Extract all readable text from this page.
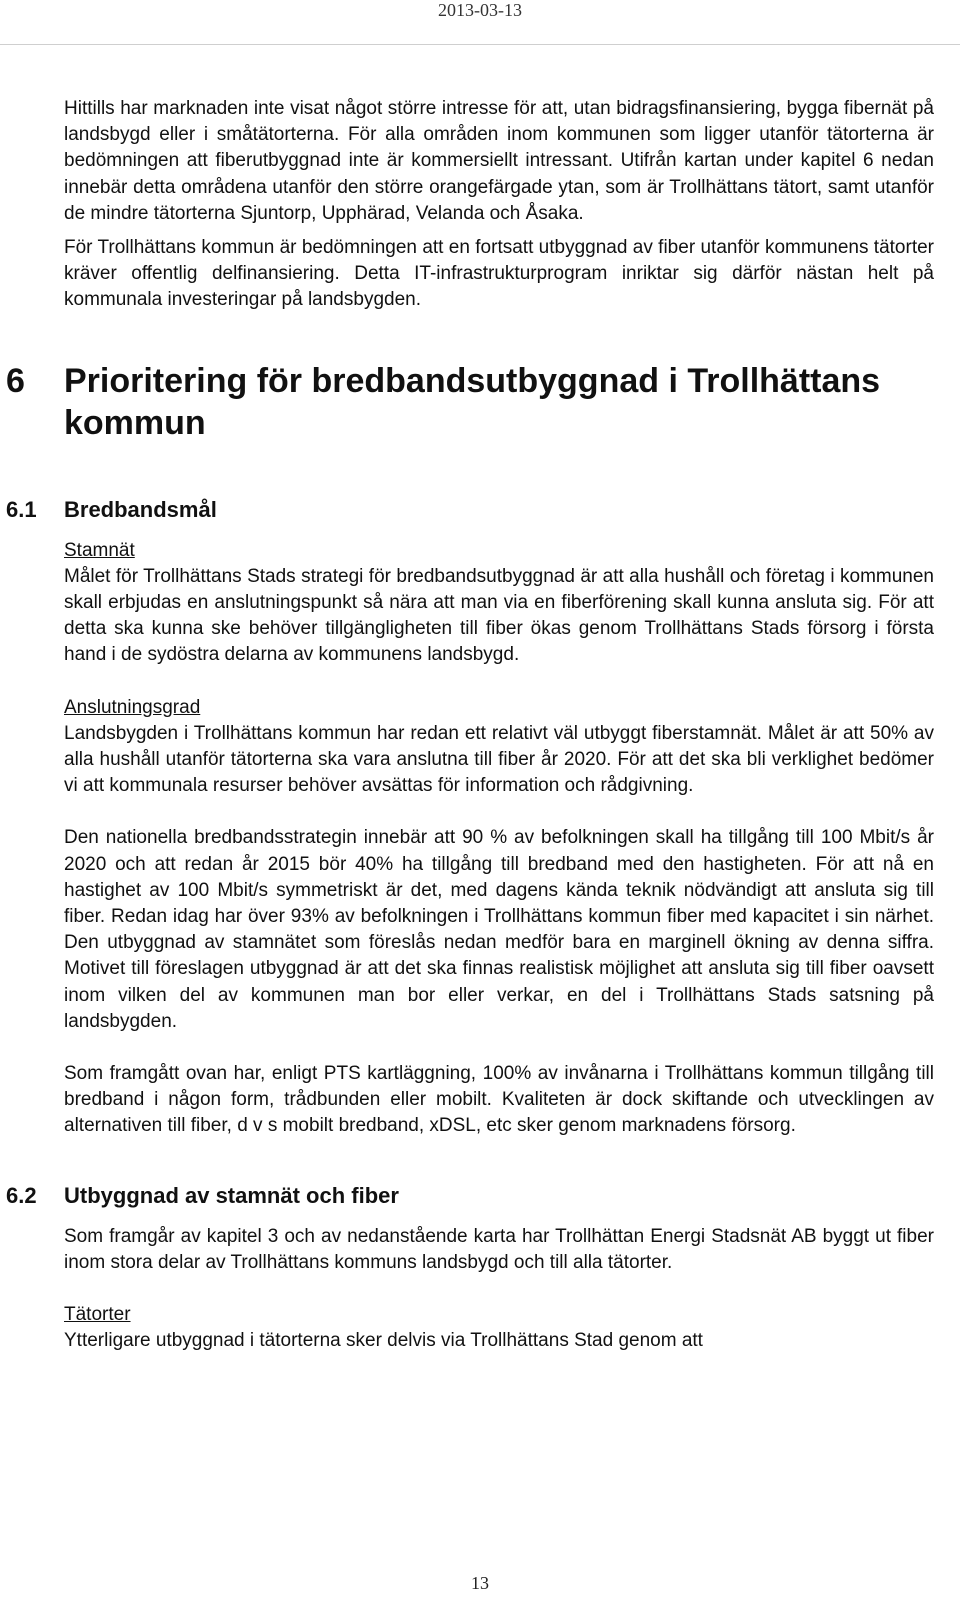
2013-03-13

Hittills har marknaden inte visat något större intresse för att, utan bidragsfinansiering, bygga fibernät på landsbygd eller i småtätorterna. För alla områden inom kommunen som ligger utanför tätorterna är bedömningen att fiberutbyggnad inte är kommersiellt intressant. Utifrån kartan under kapitel 6 nedan innebär detta områdena utanför den större orangefärgade ytan, som är Trollhättans tätort, samt utanför de mindre tätorterna Sjuntorp, Upphärad, Velanda och Åsaka.

För Trollhättans kommun är bedömningen att en fortsatt utbyggnad av fiber utanför kommunens tätorter kräver offentlig delfinansiering. Detta IT-infrastrukturprogram inriktar sig därför nästan helt på kommunala investeringar på landsbygden.

6 Prioritering för bredbandsutbyggnad i Trollhättans kommun
6.1 Bredbandsmål
Stamnät

Målet för Trollhättans Stads strategi för bredbandsutbyggnad är att alla hushåll och företag i kommunen skall erbjudas en anslutningspunkt så nära att man via en fiberförening skall kunna ansluta sig. För att detta ska kunna ske behöver tillgängligheten till fiber ökas genom Trollhättans Stads försorg i första hand i de sydöstra delarna av kommunens landsbygd.

Anslutningsgrad

Landsbygden i Trollhättans kommun har redan ett relativt väl utbyggt fiberstamnät. Målet är att 50% av alla hushåll utanför tätorterna ska vara anslutna till fiber år 2020. För att det ska bli verklighet bedömer vi att kommunala resurser behöver avsättas för information och rådgivning.

Den nationella bredbandsstrategin innebär att 90 % av befolkningen skall ha tillgång till 100 Mbit/s år 2020 och att redan år 2015 bör 40% ha tillgång till bredband med den hastigheten. För att nå en hastighet av 100 Mbit/s symmetriskt är det, med dagens kända teknik nödvändigt att ansluta sig till fiber. Redan idag har över 93% av befolkningen i Trollhättans kommun fiber med kapacitet i sin närhet. Den utbyggnad av stamnätet som föreslås nedan medför bara en marginell ökning av denna siffra. Motivet till föreslagen utbyggnad är att det ska finnas realistisk möjlighet att ansluta sig till fiber oavsett inom vilken del av kommunen man bor eller verkar, en del i Trollhättans Stads satsning på landsbygden.

Som framgått ovan har, enligt PTS kartläggning, 100% av invånarna i Trollhättans kommun tillgång till bredband i någon form, trådbunden eller mobilt. Kvaliteten är dock skiftande och utvecklingen av alternativen till fiber, d v s mobilt bredband, xDSL, etc sker genom marknadens försorg.

6.2 Utbyggnad av stamnät och fiber

Som framgår av kapitel 3 och av nedanstående karta har Trollhättan Energi Stadsnät AB byggt ut fiber inom stora delar av Trollhättans kommuns landsbygd och till alla tätorter.

Tätorter

Ytterligare utbyggnad i tätorterna sker delvis via Trollhättans Stad genom att

13
